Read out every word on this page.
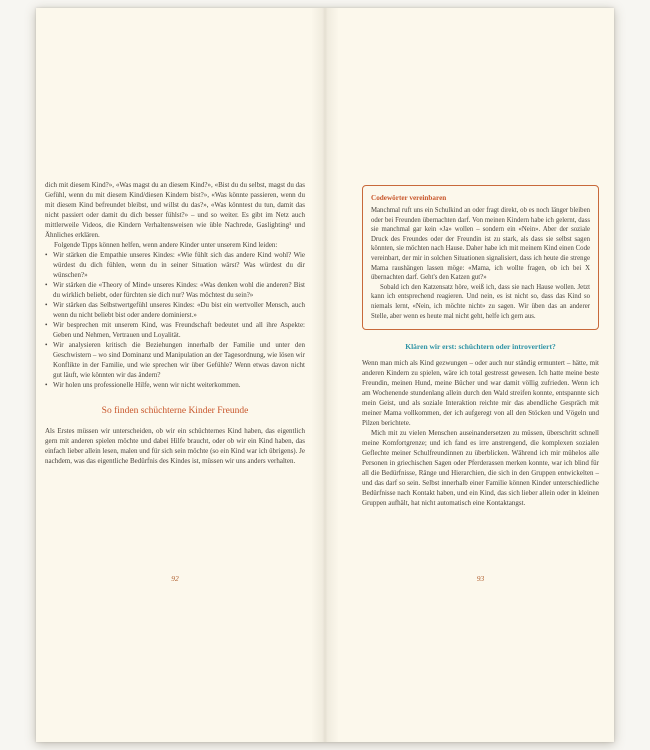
dich mit diesem Kind?», «Was magst du an diesem Kind?», «Bist du du selbst, magst du das Gefühl, wenn du mit diesem Kind/diesen Kindern bist?», «Was könnte passieren, wenn du mit diesem Kind befreundet bleibst, und willst du das?», «Was könntest du tun, damit das nicht passiert oder damit du dich besser fühlst?» – und so weiter. Es gibt im Netz auch mittlerweile Videos, die Kindern Verhaltensweisen wie üble Nachrede, Gaslighting¹ und Ähnliches erklären.

Folgende Tipps können helfen, wenn andere Kinder unter unserem Kind leiden:

• Wir stärken die Empathie unseres Kindes: «Wie fühlt sich das andere Kind wohl? Wie würdest du dich fühlen, wenn du in seiner Situation wärst? Was würdest du dir wünschen?»
• Wir stärken die «Theory of Mind» unseres Kindes: «Was denken wohl die anderen? Bist du wirklich beliebt, oder fürchten sie dich nur? Was möchtest du sein?»
• Wir stärken das Selbstwertgefühl unseres Kindes: «Du bist ein wertvoller Mensch, auch wenn du nicht beliebt bist oder andere dominierst.»
• Wir besprechen mit unserem Kind, was Freundschaft bedeutet und all ihre Aspekte: Geben und Nehmen, Vertrauen und Loyalität.
• Wir analysieren kritisch die Beziehungen innerhalb der Familie und unter den Geschwistern – wo sind Dominanz und Manipulation an der Tagesordnung, wie lösen wir Konflikte in der Familie, und wie sprechen wir über Gefühle? Wenn etwas davon nicht gut läuft, wie könnten wir das ändern?
• Wir holen uns professionelle Hilfe, wenn wir nicht weiterkommen.
So finden schüchterne Kinder Freunde

Als Erstes müssen wir unterscheiden, ob wir ein schüchternes Kind haben, das eigentlich gern mit anderen spielen möchte und dabei Hilfe braucht, oder ob wir ein Kind haben, das einfach lieber allein lesen, malen und für sich sein möchte (so ein Kind war ich übrigens). Je nachdem, was das eigentliche Bedürfnis des Kindes ist, müssen wir uns anders verhalten.

92
Codewörter vereinbaren

Manchmal ruft uns ein Schulkind an oder fragt direkt, ob es noch länger bleiben oder bei Freunden übernachten darf. Von meinen Kindern habe ich gelernt, dass sie manchmal gar kein «Ja» wollen – sondern ein «Nein». Aber der soziale Druck des Freundes oder der Freundin ist zu stark, als dass sie selbst sagen könnten, sie möchten nach Hause. Daher habe ich mit meinem Kind einen Code vereinbart, der mir in solchen Situationen signalisiert, dass ich heute die strenge Mama raushängen lassen möge: «Mama, ich wollte fragen, ob ich bei X übernachten darf. Geht's den Katzen gut?»

Sobald ich den Katzensatz höre, weiß ich, dass sie nach Hause wollen. Jetzt kann ich entsprechend reagieren. Und nein, es ist nicht so, dass das Kind so niemals lernt, «Nein, ich möchte nicht» zu sagen. Wir üben das an anderer Stelle, aber wenn es heute mal nicht geht, helfe ich gern aus.

Klären wir erst: schüchtern oder introvertiert?

Wenn man mich als Kind gezwungen – oder auch nur ständig ermuntert – hätte, mit anderen Kindern zu spielen, wäre ich total gestresst gewesen. Ich hatte meine beste Freundin, meinen Hund, meine Bücher und war damit völlig zufrieden. Wenn ich am Wochenende stundenlang allein durch den Wald streifen konnte, entspannte sich mein Geist, und als soziale Interaktion reichte mir das abendliche Gespräch mit meiner Mama vollkommen, der ich aufgeregt von all den Stöcken und Vögeln und Pilzen berichtete.

Mich mit zu vielen Menschen auseinandersetzen zu müssen, überschritt schnell meine Komfortgrenze; und ich fand es irre anstrengend, die komplexen sozialen Geflechte meiner Schulfreundinnen zu überblicken. Während ich mir mühelos alle Personen in griechischen Sagen oder Pferderassen merken konnte, war ich blind für all die Bedürfnisse, Ränge und Hierarchien, die sich in den Gruppen entwickelten – und das darf so sein. Selbst innerhalb einer Familie können Kinder unterschiedliche Bedürfnisse nach Kontakt haben, und ein Kind, das sich lieber allein oder in kleinen Gruppen aufhält, hat nicht automatisch eine Kontaktangst.

93
